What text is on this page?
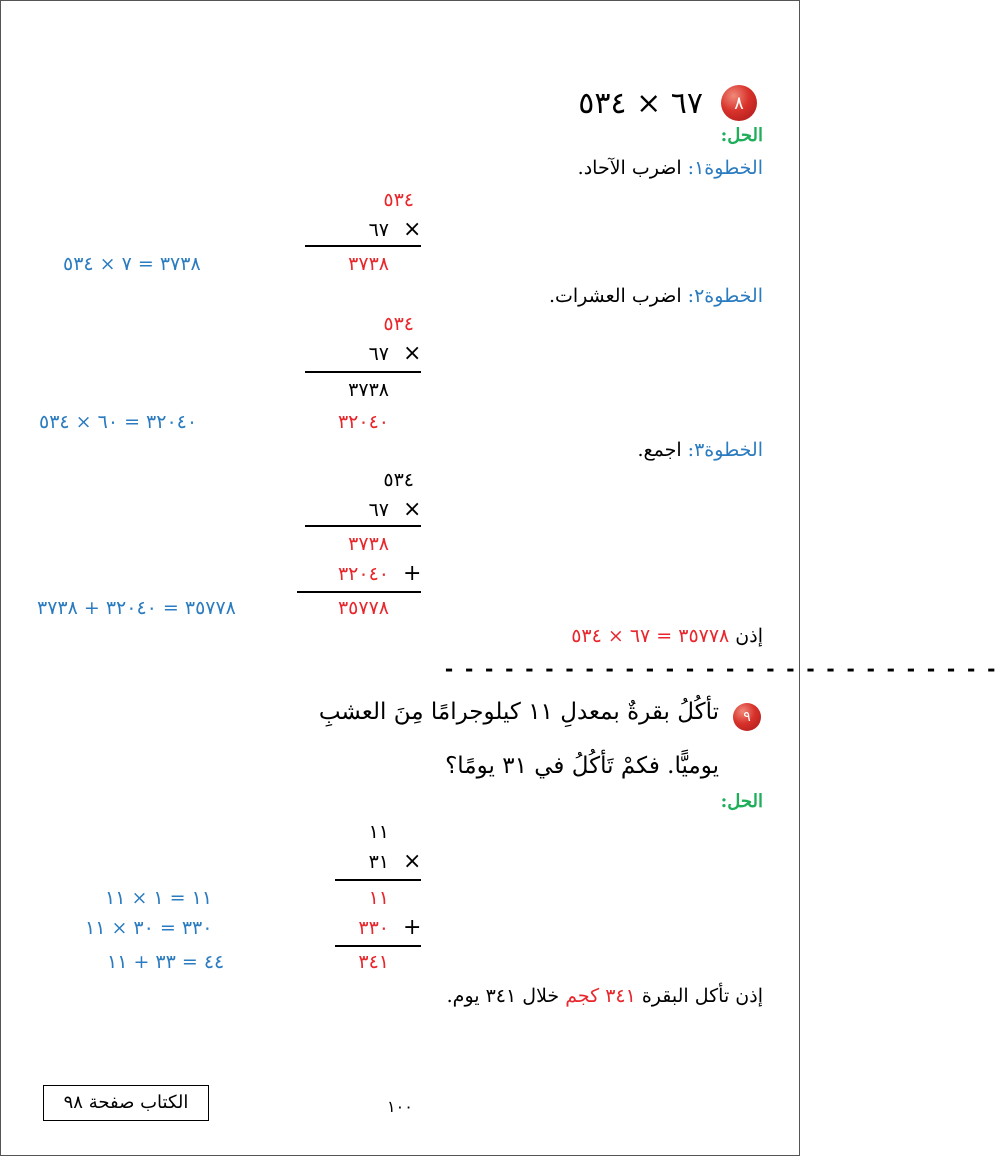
٨
٦٧ × ٥٣٤
الحل:
الخطوة١: اضرب الآحاد.
٥٣٤
٦٧ ×
٣٧٣٨
٣٧٣٨ = ٧ × ٥٣٤
الخطوة٢: اضرب العشرات.
٥٣٤
٦٧ ×
٣٧٣٨
٣٢٠٤٠
٣٢٠٤٠ = ٦٠ × ٥٣٤
الخطوة٣: اجمع.
٥٣٤
٦٧ ×
٣٧٣٨
٣٢٠٤٠ +
٣٥٧٧٨
٣٥٧٧٨ = ٣٢٠٤٠ + ٣٧٣٨
إذن ٣٥٧٧٨ = ٦٧ × ٥٣٤
- - - - - - - - - - - - - - - - - - - - - - - - - - - -
٩
تأكُلُ بقرةٌ بمعدلِ ١١ كيلوجرامًا مِنَ العشبِ
يوميًّا. فكمْ تَأكُلُ في ٣١ يومًا؟
الحل:
١١
٣١ ×
١١
٣٣٠ +
٣٤١
١١ = ١ × ١١
٣٣٠ = ٣٠ × ١١
٤٤ = ٣٣ + ١١
إذن تأكل البقرة ٣٤١ كجم خلال ٣٤١ يوم.
الكتاب صفحة ٩٨	١٠٠
